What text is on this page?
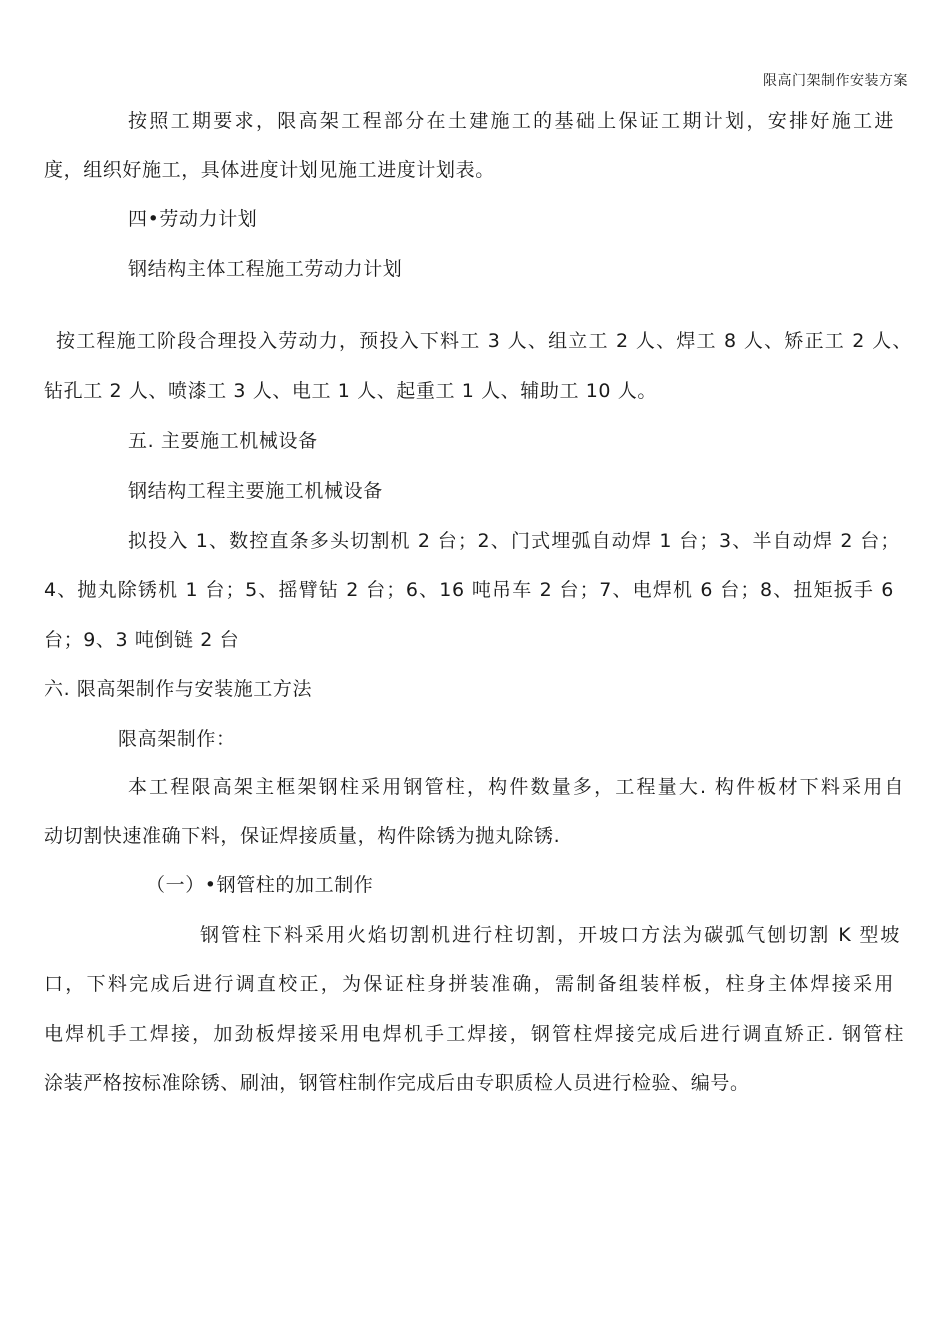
限高门架制作安装方案
按照工期要求，限高架工程部分在土建施工的基础上保证工期计划，安排好施工进
度，组织好施工，具体进度计划见施工进度计划表。
四•劳动力计划
钢结构主体工程施工劳动力计划
按工程施工阶段合理投入劳动力，预投入下料工 3 人、组立工 2 人、焊工 8 人、矫正工 2 人、
钻孔工 2 人、喷漆工 3 人、电工 1 人、起重工 1 人、辅助工 10 人。
五. 主要施工机械设备
钢结构工程主要施工机械设备
拟投入 1、数控直条多头切割机 2 台；2、门式埋弧自动焊 1 台；3、半自动焊 2 台；
4、抛丸除锈机 1 台；5、摇臂钻 2 台；6、16 吨吊车 2 台；7、电焊机 6 台；8、扭矩扳手 6
台；9、3 吨倒链 2 台
六. 限高架制作与安装施工方法
限高架制作：
本工程限高架主框架钢柱采用钢管柱，构件数量多，工程量大. 构件板材下料采用自
动切割快速准确下料，保证焊接质量，构件除锈为抛丸除锈.
（一）•钢管柱的加工制作
钢管柱下料采用火焰切割机进行柱切割，开坡口方法为碳弧气刨切割 K 型坡
口，下料完成后进行调直校正，为保证柱身拼装准确，需制备组装样板，柱身主体焊接采用
电焊机手工焊接，加劲板焊接采用电焊机手工焊接，钢管柱焊接完成后进行调直矫正. 钢管柱
涂装严格按标准除锈、刷油，钢管柱制作完成后由专职质检人员进行检验、编号。
